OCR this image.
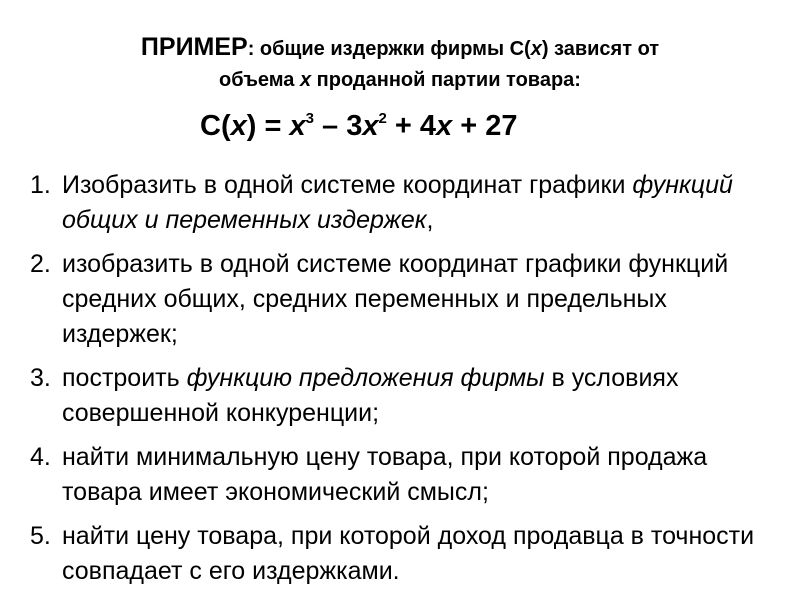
ПРИМЕР: общие издержки фирмы C(x) зависят от
объема x проданной партии товара:
$C(x) = x^3 - 3x^2 + 4x + 27$
1. Изобразить в одной системе координат графики функций общих и переменных издержек,
2. изобразить в одной системе координат графики функций средних общих, средних переменных и предельных издержек;
3. построить функцию предложения фирмы в условиях совершенной конкуренции;
4. найти минимальную цену товара, при которой продажа товара имеет экономический смысл;
5. найти цену товара, при которой доход продавца в точности совпадает с его издержками.
